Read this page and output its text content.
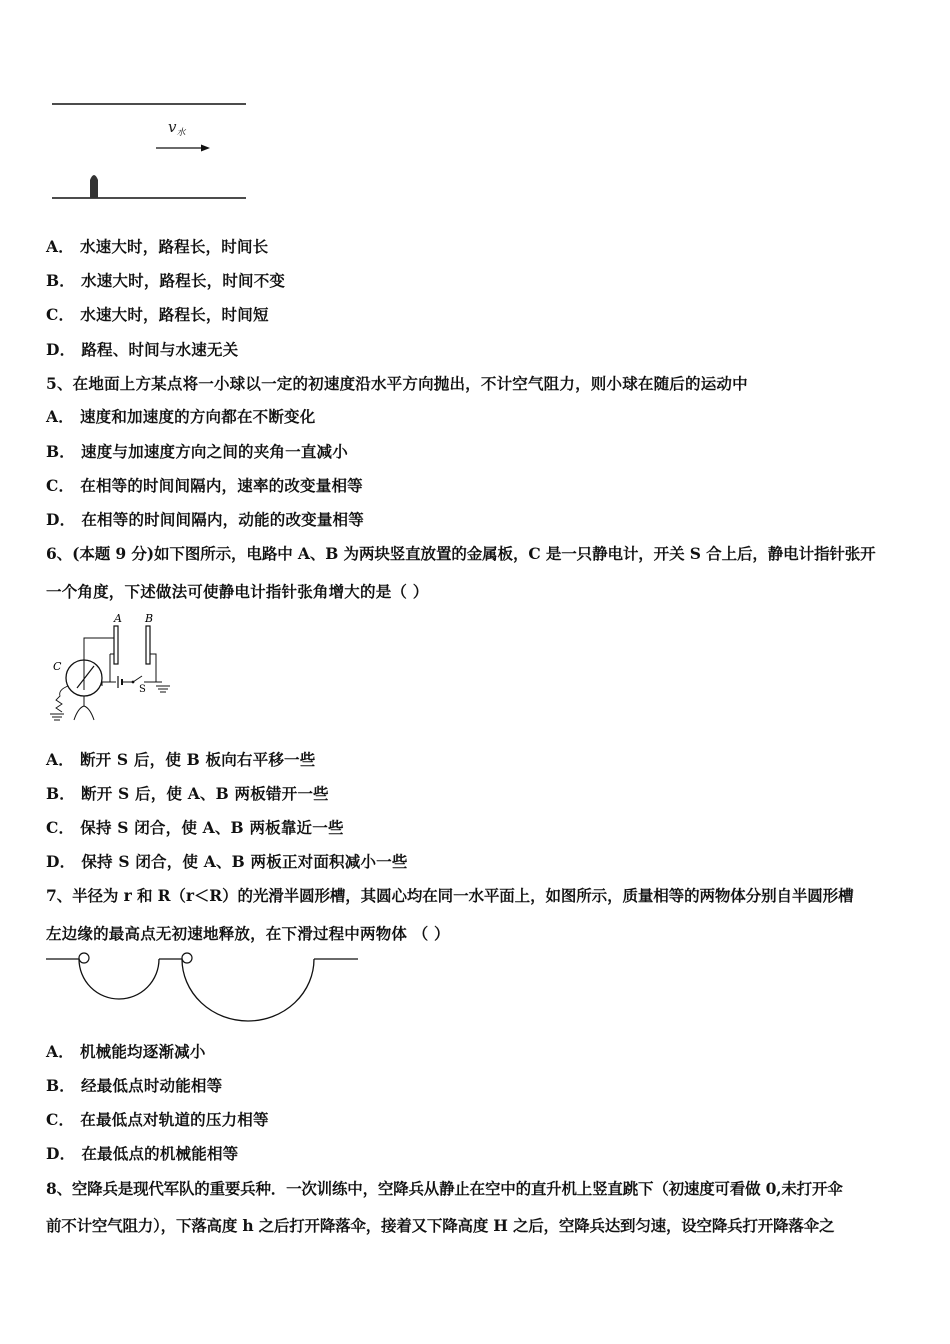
$v_水$
A． 水速大时，路程长，时间长
B． 水速大时，路程长，时间不变
C． 水速大时，路程长，时间短
D． 路程、时间与水速无关
5、在地面上方某点将一小球以一定的初速度沿水平方向抛出，不计空气阻力，则小球在随后的运动中
A． 速度和加速度的方向都在不断变化
B． 速度与加速度方向之间的夹角一直减小
C． 在相等的时间间隔内，速率的改变量相等
D． 在相等的时间间隔内，动能的改变量相等
6、(本题 9 分)如下图所示，电路中 A、B 为两块竖直放置的金属板，C 是一只静电计，开关 S 合上后，静电计指针张开
一个角度，下述做法可使静电计指针张角增大的是（ ）
A B
C
S
A． 断开 S 后，使 B 板向右平移一些
B． 断开 S 后，使 A、B 两板错开一些
C． 保持 S 闭合，使 A、B 两板靠近一些
D． 保持 S 闭合，使 A、B 两板正对面积减小一些
7、半径为 r 和 R（r＜R）的光滑半圆形槽，其圆心均在同一水平面上，如图所示，质量相等的两物体分别自半圆形槽
左边缘的最高点无初速地释放，在下滑过程中两物体 （ ）
A． 机械能均逐渐减小
B． 经最低点时动能相等
C． 在最低点对轨道的压力相等
D． 在最低点的机械能相等
8、空降兵是现代军队的重要兵种．一次训练中，空降兵从静止在空中的直升机上竖直跳下（初速度可看做 0,未打开伞
前不计空气阻力），下落高度 h 之后打开降落伞，接着又下降高度 H 之后，空降兵达到匀速，设空降兵打开降落伞之
